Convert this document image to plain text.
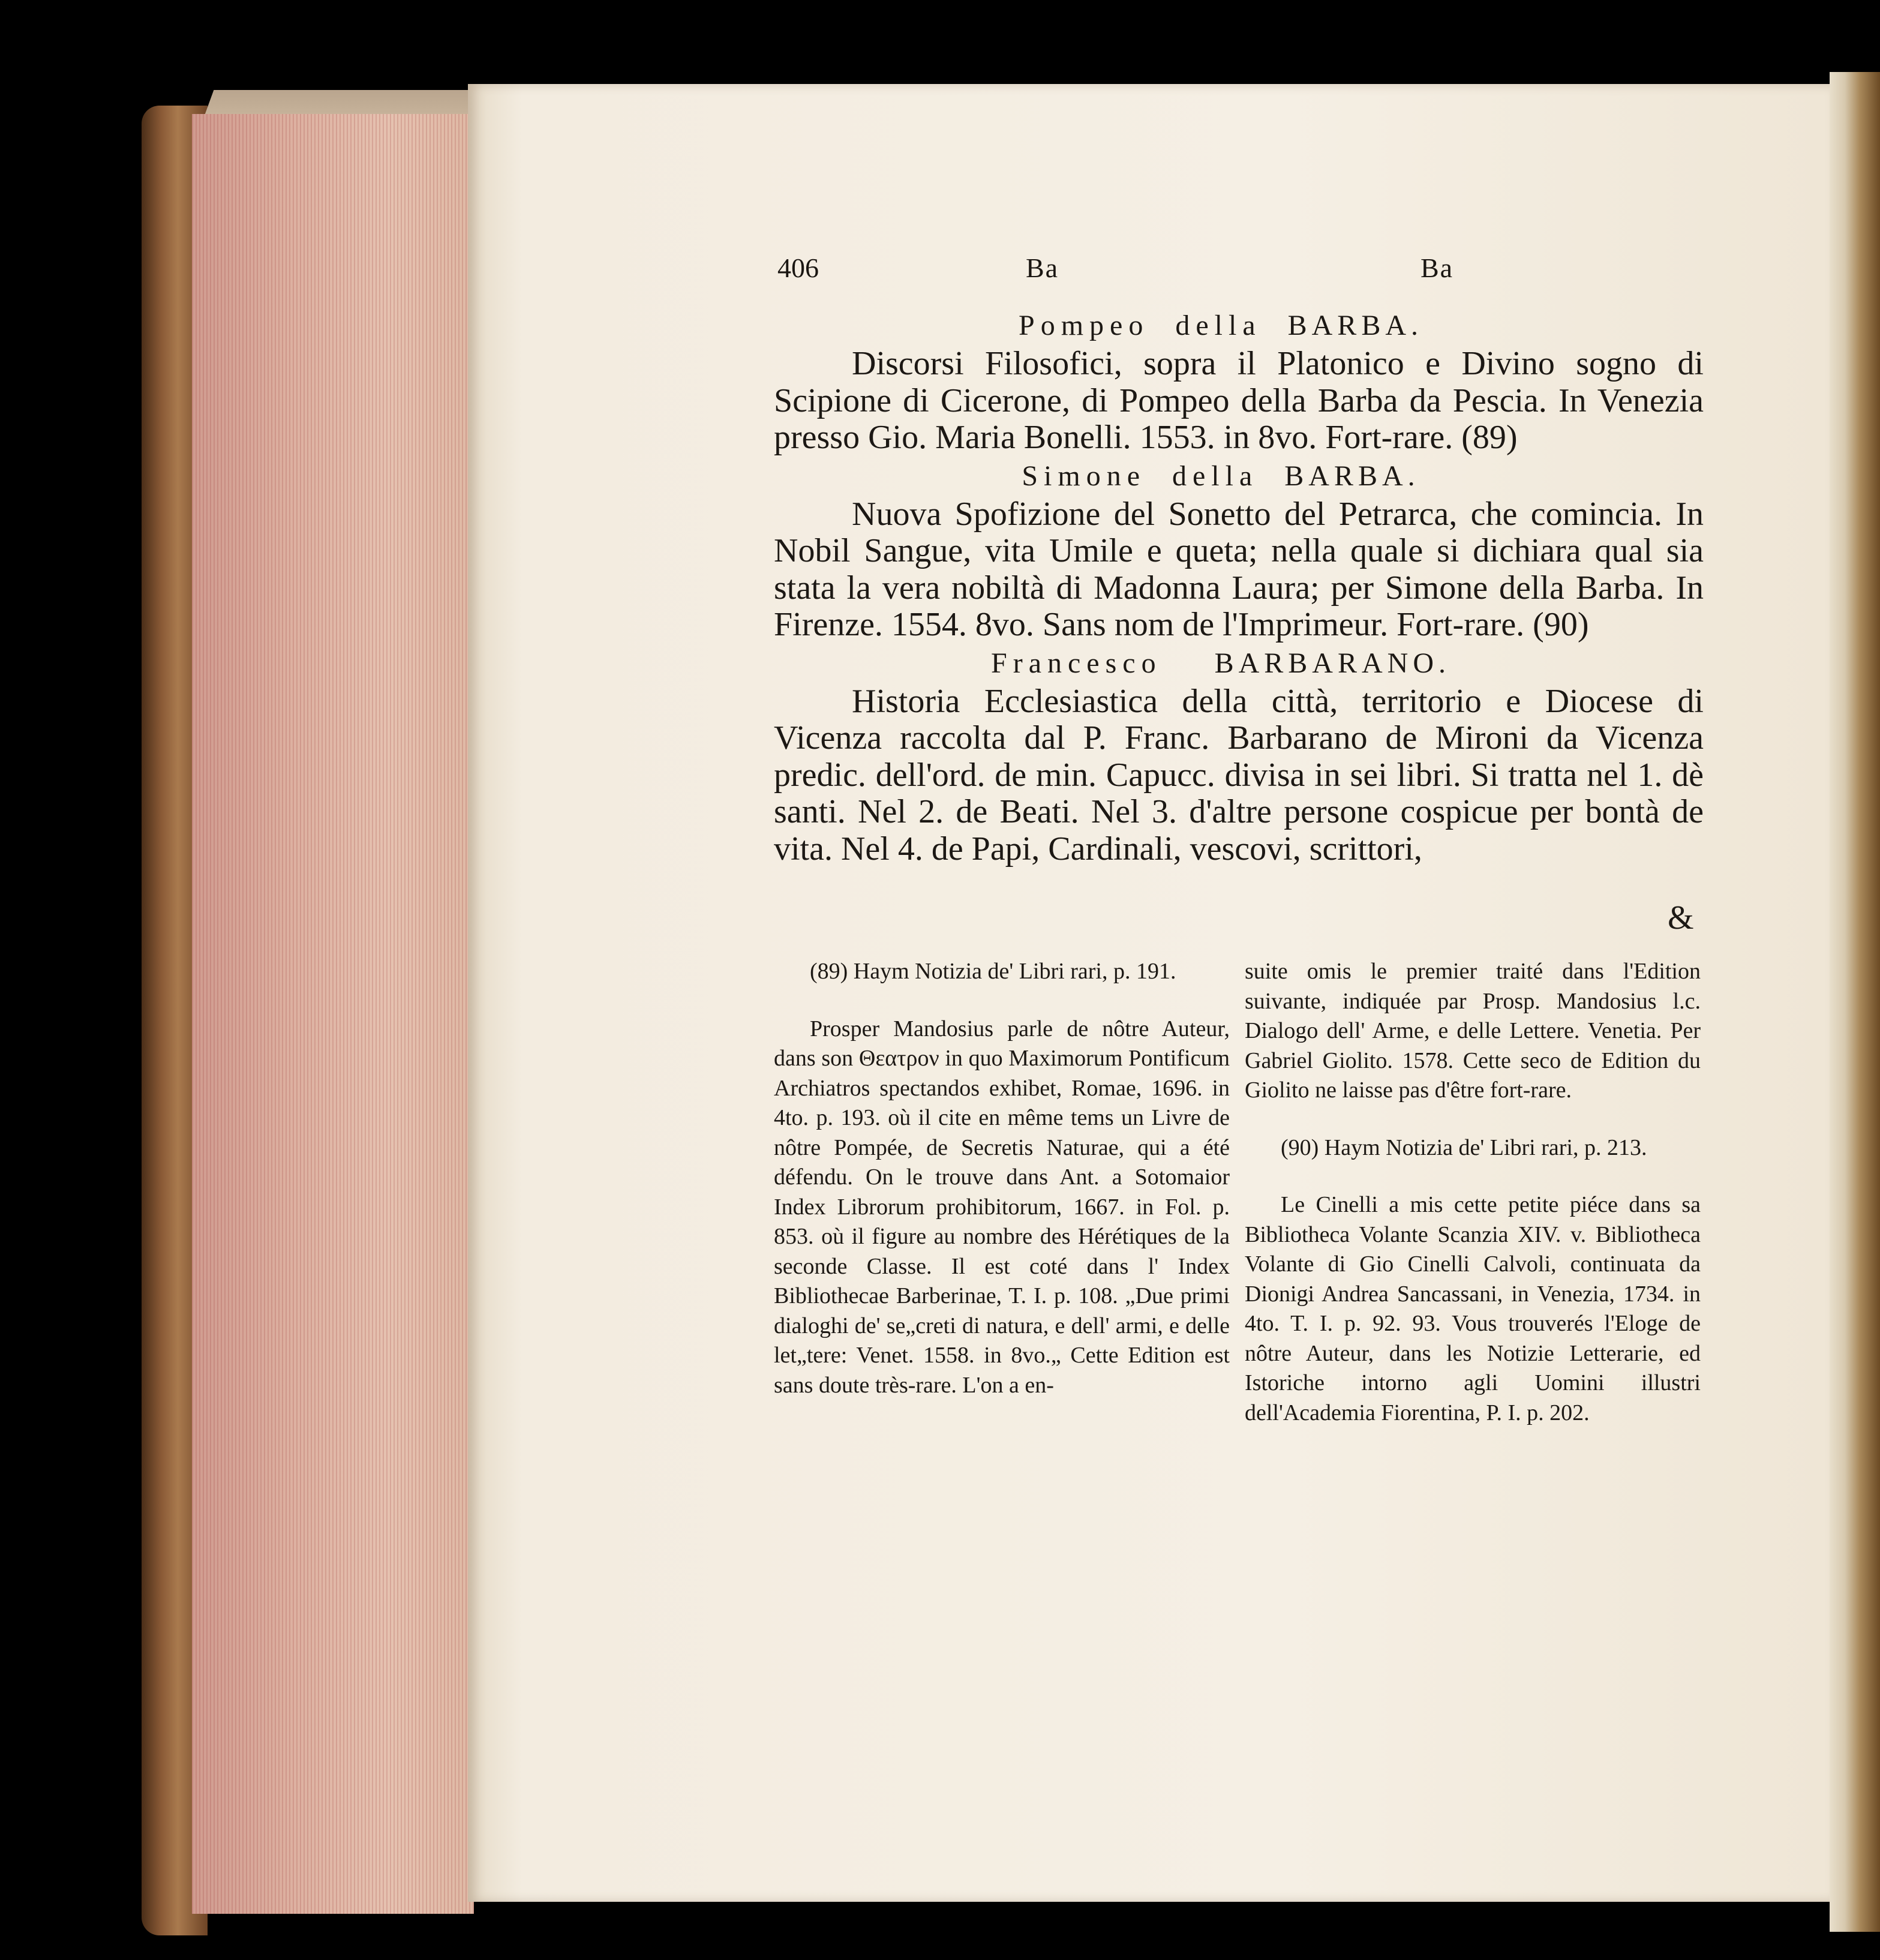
406	Ba	Ba
Pompeo della BARBA.
Discorsi Filosofici, sopra il Platonico e Divino sogno di Scipione di Cicerone, di Pompeo della Barba da Pescia. In Venezia presso Gio. Maria Bonelli. 1553. in 8vo. Fort-rare. (89)
Simone della BARBA.
Nuova Spofizione del Sonetto del Petrarca, che comincia. In Nobil Sangue, vita Umile e queta; nella quale si dichiara qual sia stata la vera nobiltà di Madonna Laura; per Simone della Barba. In Firenze. 1554. 8vo. Sans nom de l'Imprimeur. Fort-rare. (90)
Francesco BARBARANO.
Historia Ecclesiastica della città, territorio e Diocese di Vicenza raccolta dal P. Franc. Barbarano de Mironi da Vicenza predic. dell'ord. de min. Capucc. divisa in sei libri. Si tratta nel 1. dè santi. Nel 2. de Beati. Nel 3. d'altre persone cospicue per bontà de vita. Nel 4. de Papi, Cardinali, vescovi, scrittori,
&

(89) Haym Notizia de' Libri rari, p. 191.

Prosper Mandosius parle de nôtre Auteur, dans son Θεατρον in quo Maximorum Pontificum Archiatros spectandos exhibet, Romae, 1696. in 4to. p. 193. où il cite en même tems un Livre de nôtre Pompée, de Secretis Naturae, qui a été défendu. On le trouve dans Ant. a Sotomaior Index Librorum prohibitorum, 1667. in Fol. p. 853. où il figure au nombre des Hérétiques de la seconde Classe. Il est coté dans l' Index Bibliothecae Barberinae, T. I. p. 108. „Due primi dialoghi de' se„creti di natura, e dell' armi, e delle let„tere: Venet. 1558. in 8vo.„ Cette Edition est sans doute très-rare. L'on a en-

suite omis le premier traité dans l'Edition suivante, indiquée par Prosp. Mandosius l.c. Dialogo dell' Arme, e delle Lettere. Venetia. Per Gabriel Giolito. 1578. Cette seco de Edition du Giolito ne laisse pas d'être fort-rare.

(90) Haym Notizia de' Libri rari, p. 213.

Le Cinelli a mis cette petite piéce dans sa Bibliotheca Volante Scanzia XIV. v. Bibliotheca Volante di Gio Cinelli Calvoli, continuata da Dionigi Andrea Sancassani, in Venezia, 1734. in 4to. T. I. p. 92. 93. Vous trouverés l'Eloge de nôtre Auteur, dans les Notizie Letterarie, ed Istoriche intorno agli Uomini illustri dell'Academia Fiorentina, P. I. p. 202.
